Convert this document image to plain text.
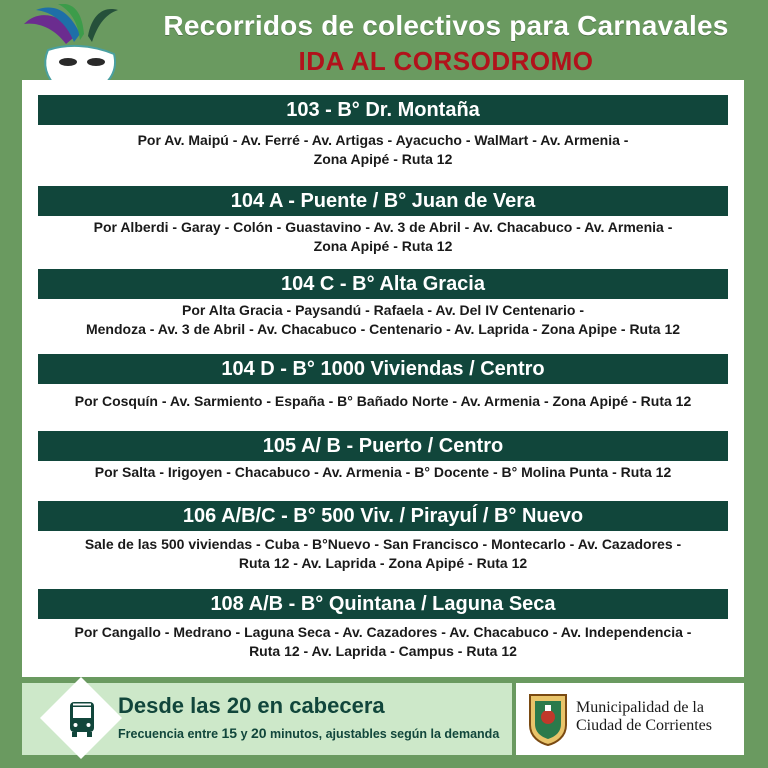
Recorridos de colectivos para Carnavales
IDA AL CORSODROMO
103 - B° Dr. Montaña
Por Av. Maipú - Av. Ferré - Av. Artigas - Ayacucho - WalMart - Av. Armenia -
Zona Apipé - Ruta 12
104 A - Puente / B° Juan de Vera
Por Alberdi - Garay - Colón - Guastavino - Av. 3 de Abril - Av. Chacabuco - Av. Armenia -
Zona Apipé - Ruta 12
104 C - B° Alta Gracia
Por Alta Gracia - Paysandú - Rafaela - Av. Del IV Centenario -
Mendoza - Av. 3 de Abril - Av. Chacabuco - Centenario - Av. Laprida - Zona Apipe - Ruta 12
104 D - B° 1000 Viviendas / Centro
Por Cosquín - Av. Sarmiento - España - B° Bañado Norte - Av. Armenia - Zona Apipé - Ruta 12
105 A/ B - Puerto / Centro
Por Salta - Irigoyen - Chacabuco - Av. Armenia - B° Docente - B° Molina Punta - Ruta 12
106 A/B/C - B° 500 Viv. / PirayuÍ / B° Nuevo
Sale de las 500 viviendas - Cuba - B°Nuevo - San Francisco - Montecarlo - Av. Cazadores -
Ruta 12 - Av. Laprida - Zona Apipé - Ruta 12
108 A/B - B° Quintana / Laguna Seca
Por Cangallo - Medrano - Laguna Seca - Av. Cazadores - Av. Chacabuco - Av. Independencia -
Ruta 12 - Av. Laprida - Campus - Ruta 12
Desde las 20 en cabecera
Frecuencia entre 15 y 20 minutos, ajustables según la demanda
Municipalidad de la
Ciudad de Corrientes
